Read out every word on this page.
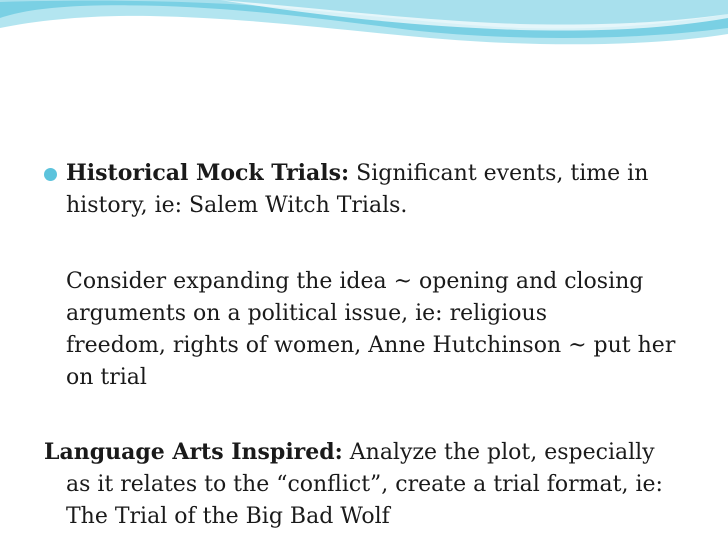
Historical Mock Trials: Significant events, time in
history, ie: Salem Witch Trials.
Consider expanding the idea ~ opening and closing
arguments on a political issue, ie: religious
freedom, rights of women, Anne Hutchinson ~ put her
on trial
Language Arts Inspired: Analyze the plot, especially
as it relates to the “conflict”, create a trial format, ie:
The Trial of the Big Bad Wolf
